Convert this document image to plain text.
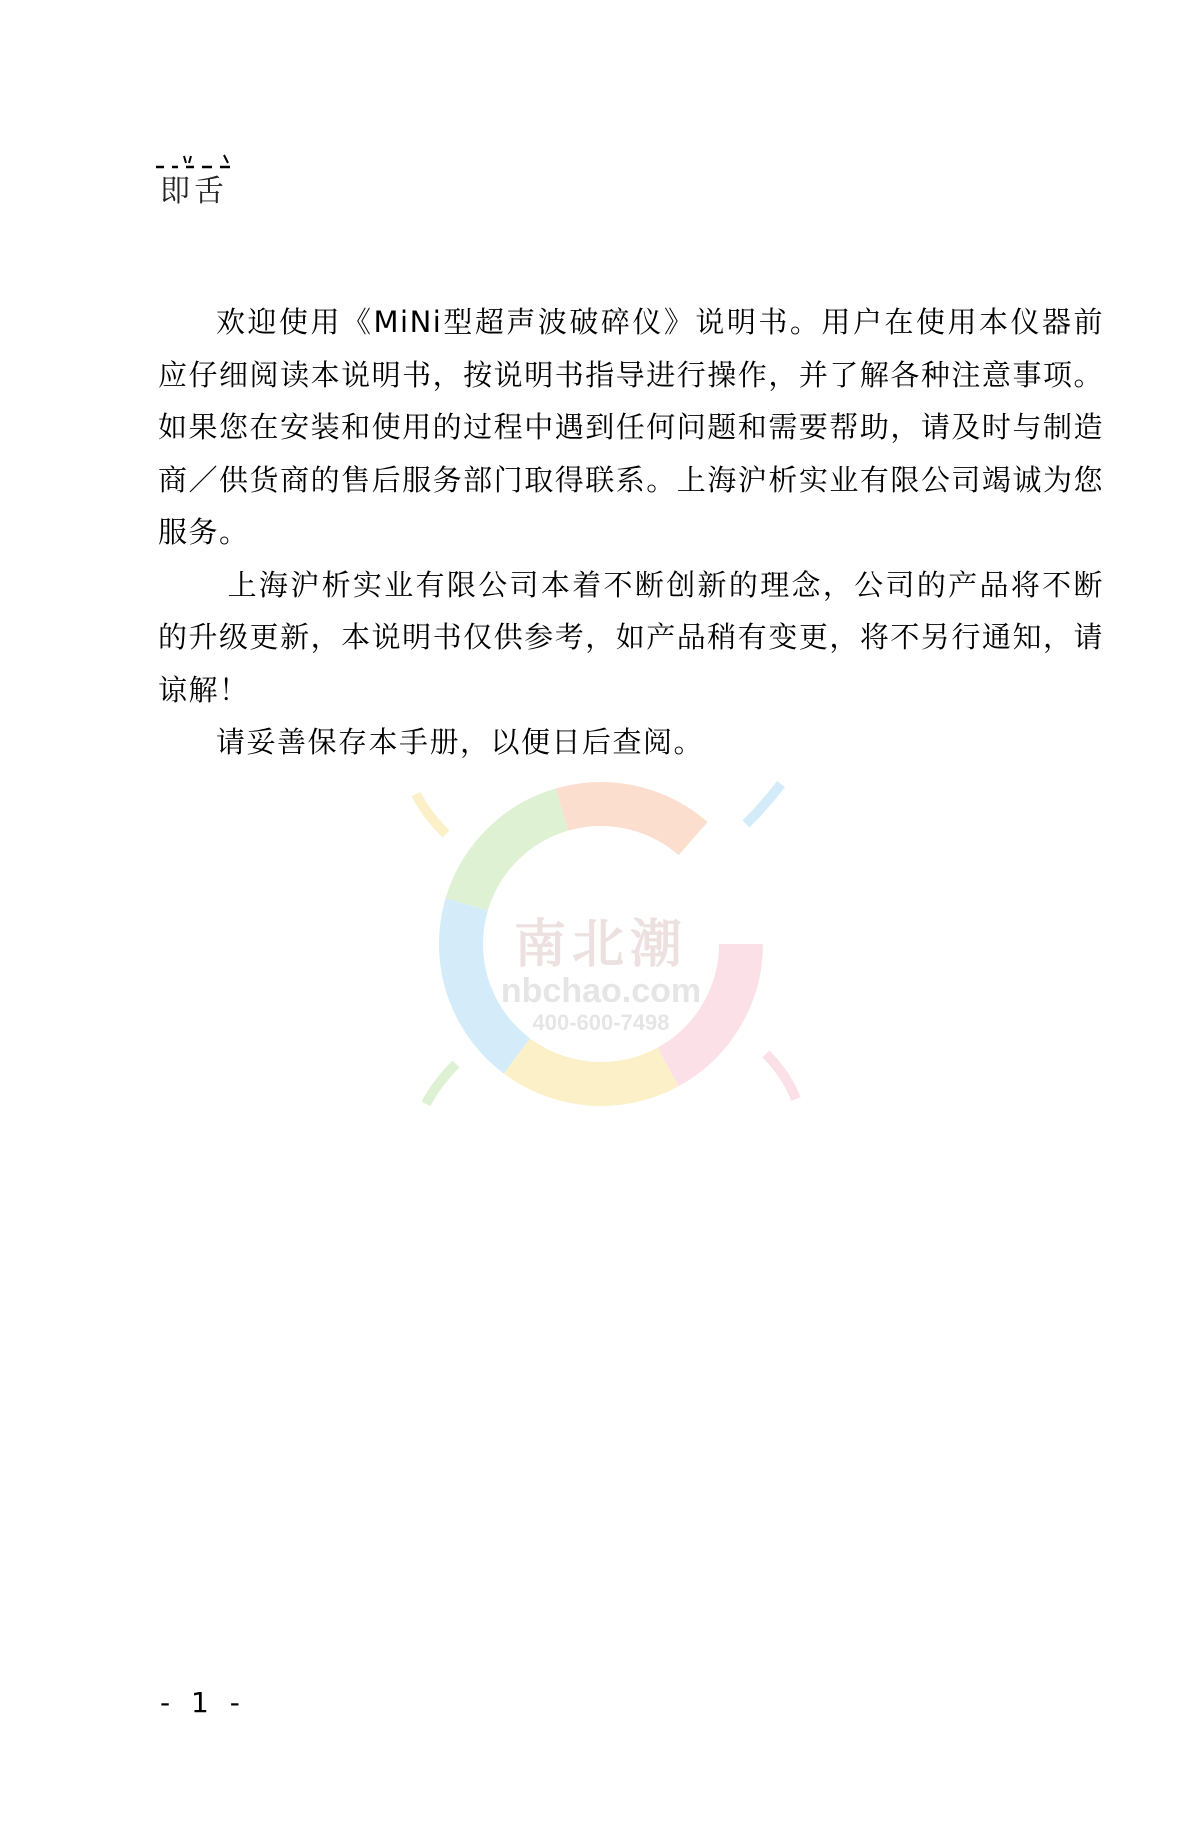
即舌

欢迎使用《MiNi型超声波破碎仪》说明书。用户在使用本仪器前应仔细阅读本说明书，按说明书指导进行操作，并了解各种注意事项。如果您在安装和使用的过程中遇到任何问题和需要帮助，请及时与制造商／供货商的售后服务部门取得联系。上海沪析实业有限公司竭诚为您服务。

上海沪析实业有限公司本着不断创新的理念，公司的产品将不断的升级更新，本说明书仅供参考，如产品稍有变更，将不另行通知，请谅解！

请妥善保存本手册，以便日后查阅。

南北潮
nbchao.com
400-600-7498
- 1 -
